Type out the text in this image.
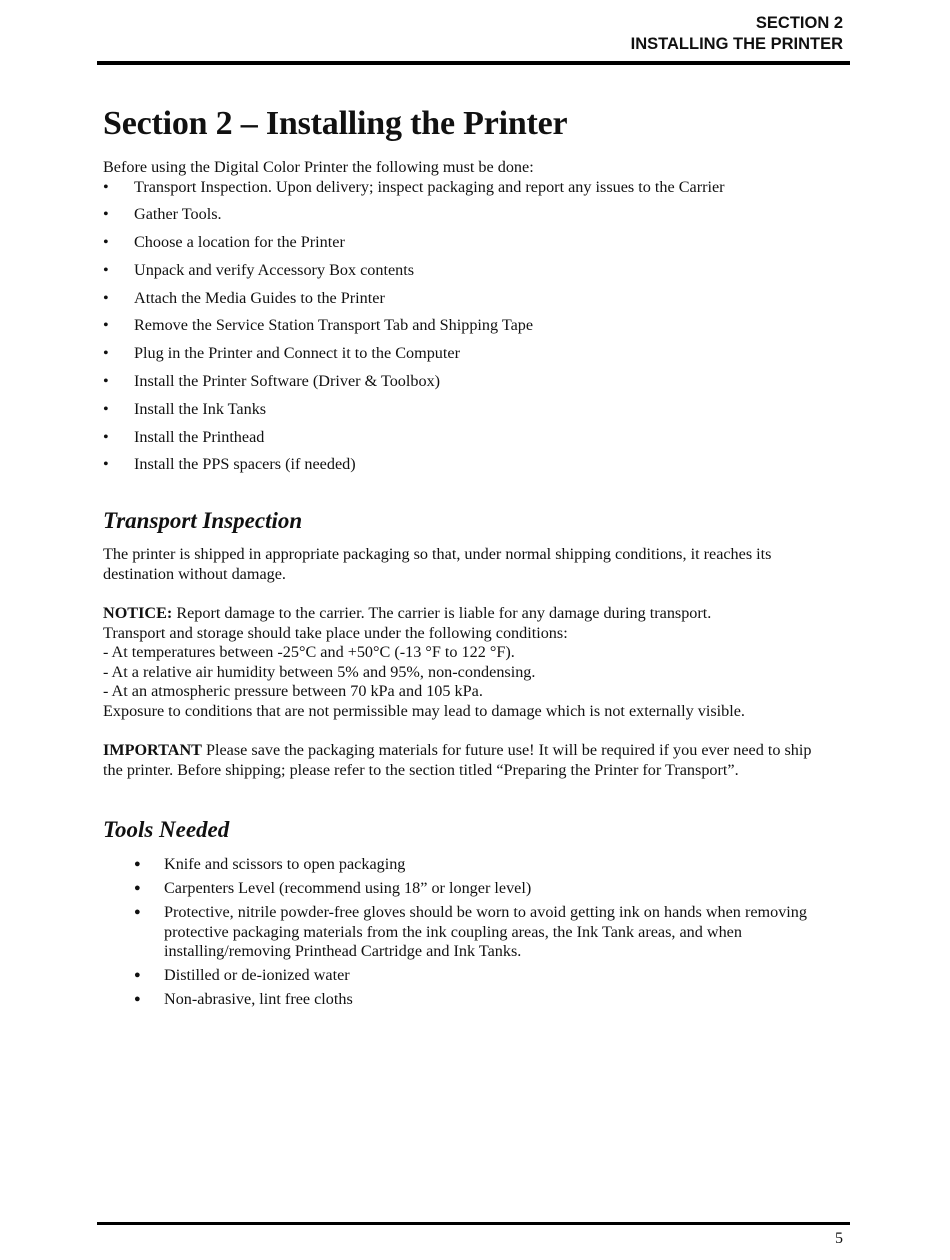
SECTION 2
INSTALLING THE PRINTER
Section 2 – Installing the Printer

Before using the Digital Color Printer the following must be done:

• Transport Inspection. Upon delivery; inspect packaging and report any issues to the Carrier
• Gather Tools.
• Choose a location for the Printer
• Unpack and verify Accessory Box contents
• Attach the Media Guides to the Printer
• Remove the Service Station Transport Tab and Shipping Tape
• Plug in the Printer and Connect it to the Computer
• Install the Printer Software (Driver & Toolbox)
• Install the Ink Tanks
• Install the Printhead
• Install the PPS spacers (if needed)
Transport Inspection

The printer is shipped in appropriate packaging so that, under normal shipping conditions, it reaches its destination without damage.

NOTICE: Report damage to the carrier. The carrier is liable for any damage during transport.

Transport and storage should take place under the following conditions:

- At temperatures between -25°C and +50°C (-13 °F to 122 °F).

- At a relative air humidity between 5% and 95%, non-condensing.

- At an atmospheric pressure between 70 kPa and 105 kPa.

Exposure to conditions that are not permissible may lead to damage which is not externally visible.

IMPORTANT Please save the packaging materials for future use! It will be required if you ever need to ship the printer. Before shipping; please refer to the section titled “Preparing the Printer for Transport”.

Tools Needed
● Knife and scissors to open packaging
● Carpenters Level (recommend using 18” or longer level)
● Protective, nitrile powder-free gloves should be worn to avoid getting ink on hands when removing protective packaging materials from the ink coupling areas, the Ink Tank areas, and when installing/removing Printhead Cartridge and Ink Tanks.
● Distilled or de-ionized water
● Non-abrasive, lint free cloths
5
